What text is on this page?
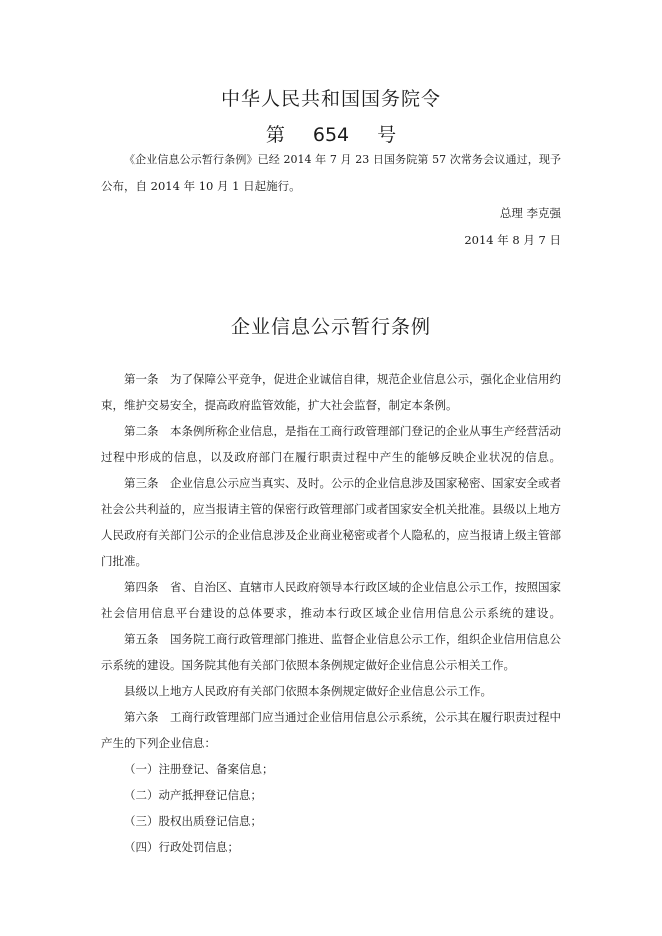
中华人民共和国国务院令
第 654 号
《企业信息公示暂行条例》已经 2014 年 7 月 23 日国务院第 57 次常务会议通过，现予
公布，自 2014 年 10 月 1 日起施行。
总理 李克强
2014 年 8 月 7 日
企业信息公示暂行条例
第一条　为了保障公平竞争，促进企业诚信自律，规范企业信息公示，强化企业信用约
束，维护交易安全，提高政府监管效能，扩大社会监督，制定本条例。
第二条　本条例所称企业信息，是指在工商行政管理部门登记的企业从事生产经营活动
过程中形成的信息，以及政府部门在履行职责过程中产生的能够反映企业状况的信息。
第三条　企业信息公示应当真实、及时。公示的企业信息涉及国家秘密、国家安全或者
社会公共利益的，应当报请主管的保密行政管理部门或者国家安全机关批准。县级以上地方
人民政府有关部门公示的企业信息涉及企业商业秘密或者个人隐私的，应当报请上级主管部
门批准。
第四条　省、自治区、直辖市人民政府领导本行政区域的企业信息公示工作，按照国家
社会信用信息平台建设的总体要求，推动本行政区域企业信用信息公示系统的建设。
第五条　国务院工商行政管理部门推进、监督企业信息公示工作，组织企业信用信息公
示系统的建设。国务院其他有关部门依照本条例规定做好企业信息公示相关工作。
县级以上地方人民政府有关部门依照本条例规定做好企业信息公示工作。
第六条　工商行政管理部门应当通过企业信用信息公示系统，公示其在履行职责过程中
产生的下列企业信息：
（一）注册登记、备案信息；
（二）动产抵押登记信息；
（三）股权出质登记信息；
（四）行政处罚信息；
